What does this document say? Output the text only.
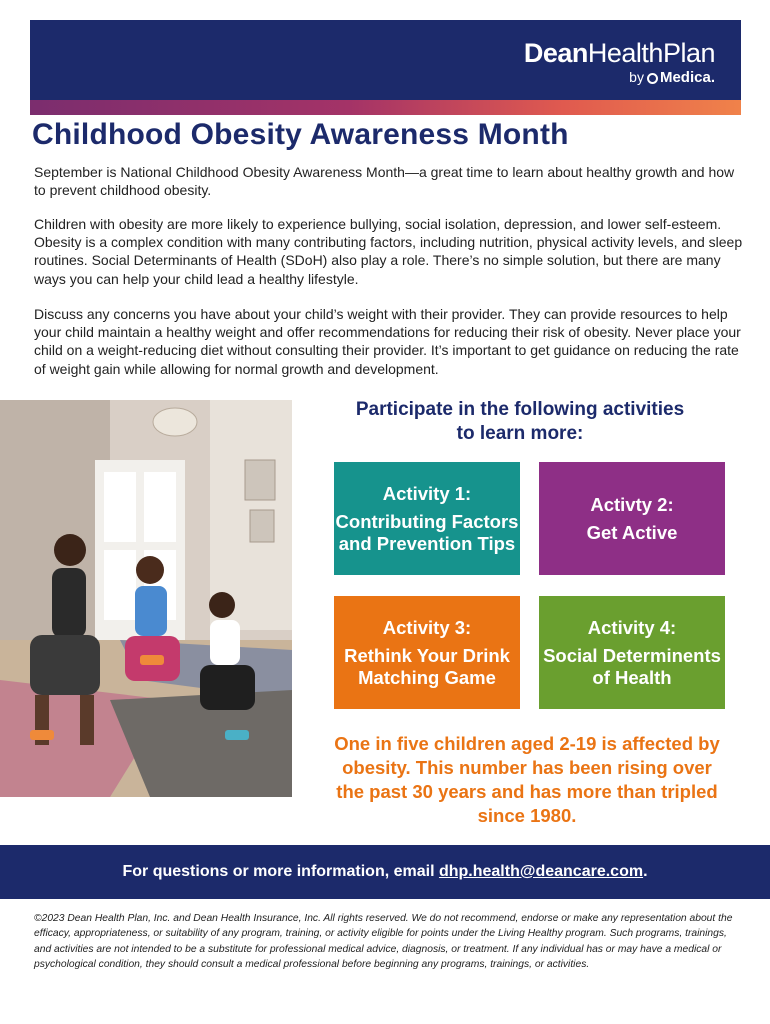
DeanHealthPlan
by Medica.
Childhood Obesity Awareness Month

September is National Childhood Obesity Awareness Month—a great time to learn about healthy growth and how to prevent childhood obesity.

Children with obesity are more likely to experience bullying, social isolation, depression, and lower self-esteem. Obesity is a complex condition with many contributing factors, including nutrition, physical activity levels, and sleep routines. Social Determinants of Health (SDoH) also play a role. There’s no simple solution, but there are many ways you can help your child lead a healthy lifestyle.

Discuss any concerns you have about your child’s weight with their provider. They can provide resources to help your child maintain a healthy weight and offer recommendations for reducing their risk of obesity. Never place your child on a weight-reducing diet without consulting their provider. It’s important to get guidance on reducing the rate of weight gain while allowing for normal growth and development.

Participate in the following activities to learn more:
Activity 1:
Contributing Factors and Prevention Tips
Activty 2:
Get Active
Activity 3:
Rethink Your Drink Matching Game
Activity 4:
Social Determinents of Health

One in five children aged 2-19 is affected by obesity. This number has been rising over the past 30 years and has more than tripled since 1980.

For questions or more information, email dhp.health@deancare.com.

©2023 Dean Health Plan, Inc. and Dean Health Insurance, Inc. All rights reserved. We do not recommend, endorse or make any representation about the efficacy, appropriateness, or suitability of any program, training, or activity eligible for points under the Living Healthy program. Such programs, trainings, and activities are not intended to be a substitute for professional medical advice, diagnosis, or treatment. If any individual has or may have a medical or psychological condition, they should consult a medical professional before beginning any programs, trainings, or activities.
